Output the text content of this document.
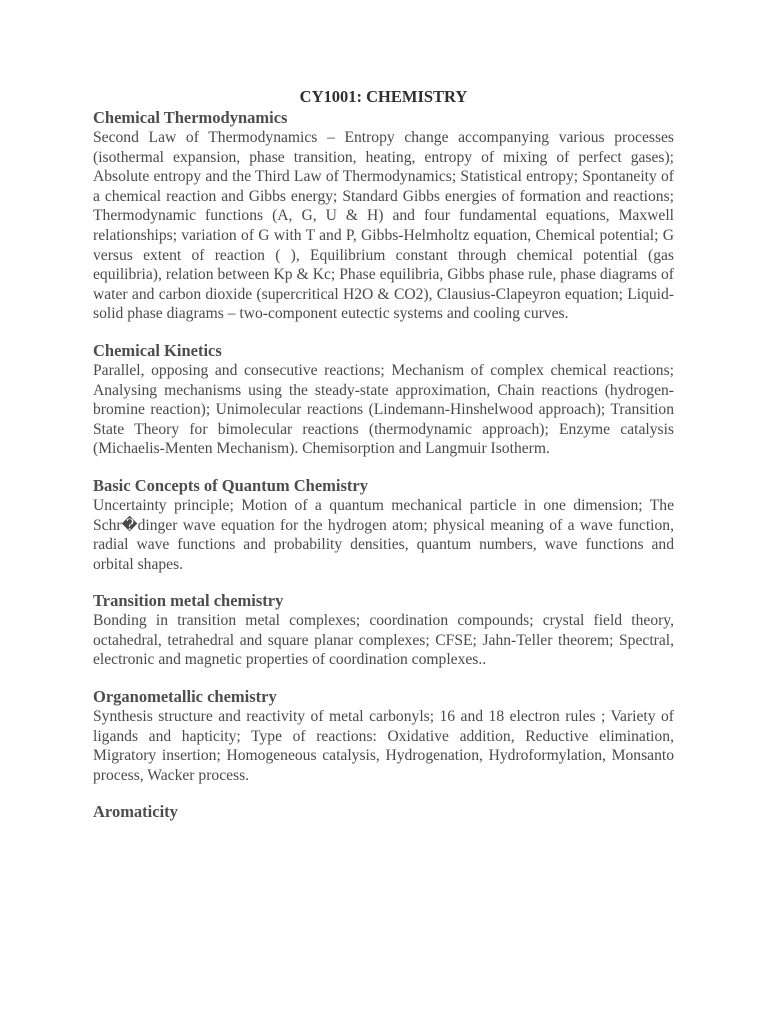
CY1001: CHEMISTRY
Chemical Thermodynamics

Second Law of Thermodynamics – Entropy change accompanying various processes (isothermal expansion, phase transition, heating, entropy of mixing of perfect gases); Absolute entropy and the Third Law of Thermodynamics; Statistical entropy; Spontaneity of a chemical reaction and Gibbs energy; Standard Gibbs energies of formation and reactions; Thermodynamic functions (A, G, U & H) and four fundamental equations, Maxwell relationships; variation of G with T and P, Gibbs-Helmholtz equation, Chemical potential; G versus extent of reaction ( ), Equilibrium constant through chemical potential (gas equilibria), relation between Kp & Kc; Phase equilibria, Gibbs phase rule, phase diagrams of water and carbon dioxide (supercritical H2O & CO2), Clausius-Clapeyron equation; Liquid-solid phase diagrams – two-component eutectic systems and cooling curves.

Chemical Kinetics

Parallel, opposing and consecutive reactions; Mechanism of complex chemical reactions; Analysing mechanisms using the steady-state approximation, Chain reactions (hydrogen-bromine reaction); Unimolecular reactions (Lindemann-Hinshelwood approach); Transition State Theory for bimolecular reactions (thermodynamic approach); Enzyme catalysis (Michaelis-Menten Mechanism). Chemisorption and Langmuir Isotherm.

Basic Concepts of Quantum Chemistry

Uncertainty principle; Motion of a quantum mechanical particle in one dimension; The Schr�dinger wave equation for the hydrogen atom; physical meaning of a wave function, radial wave functions and probability densities, quantum numbers, wave functions and orbital shapes.

Transition metal chemistry

Bonding in transition metal complexes; coordination compounds; crystal field theory, octahedral, tetrahedral and square planar complexes; CFSE; Jahn-Teller theorem; Spectral, electronic and magnetic properties of coordination complexes..

Organometallic chemistry

Synthesis structure and reactivity of metal carbonyls; 16 and 18 electron rules ; Variety of ligands and hapticity; Type of reactions: Oxidative addition, Reductive elimination, Migratory insertion; Homogeneous catalysis, Hydrogenation, Hydroformylation, Monsanto process, Wacker process.

Aromaticity
